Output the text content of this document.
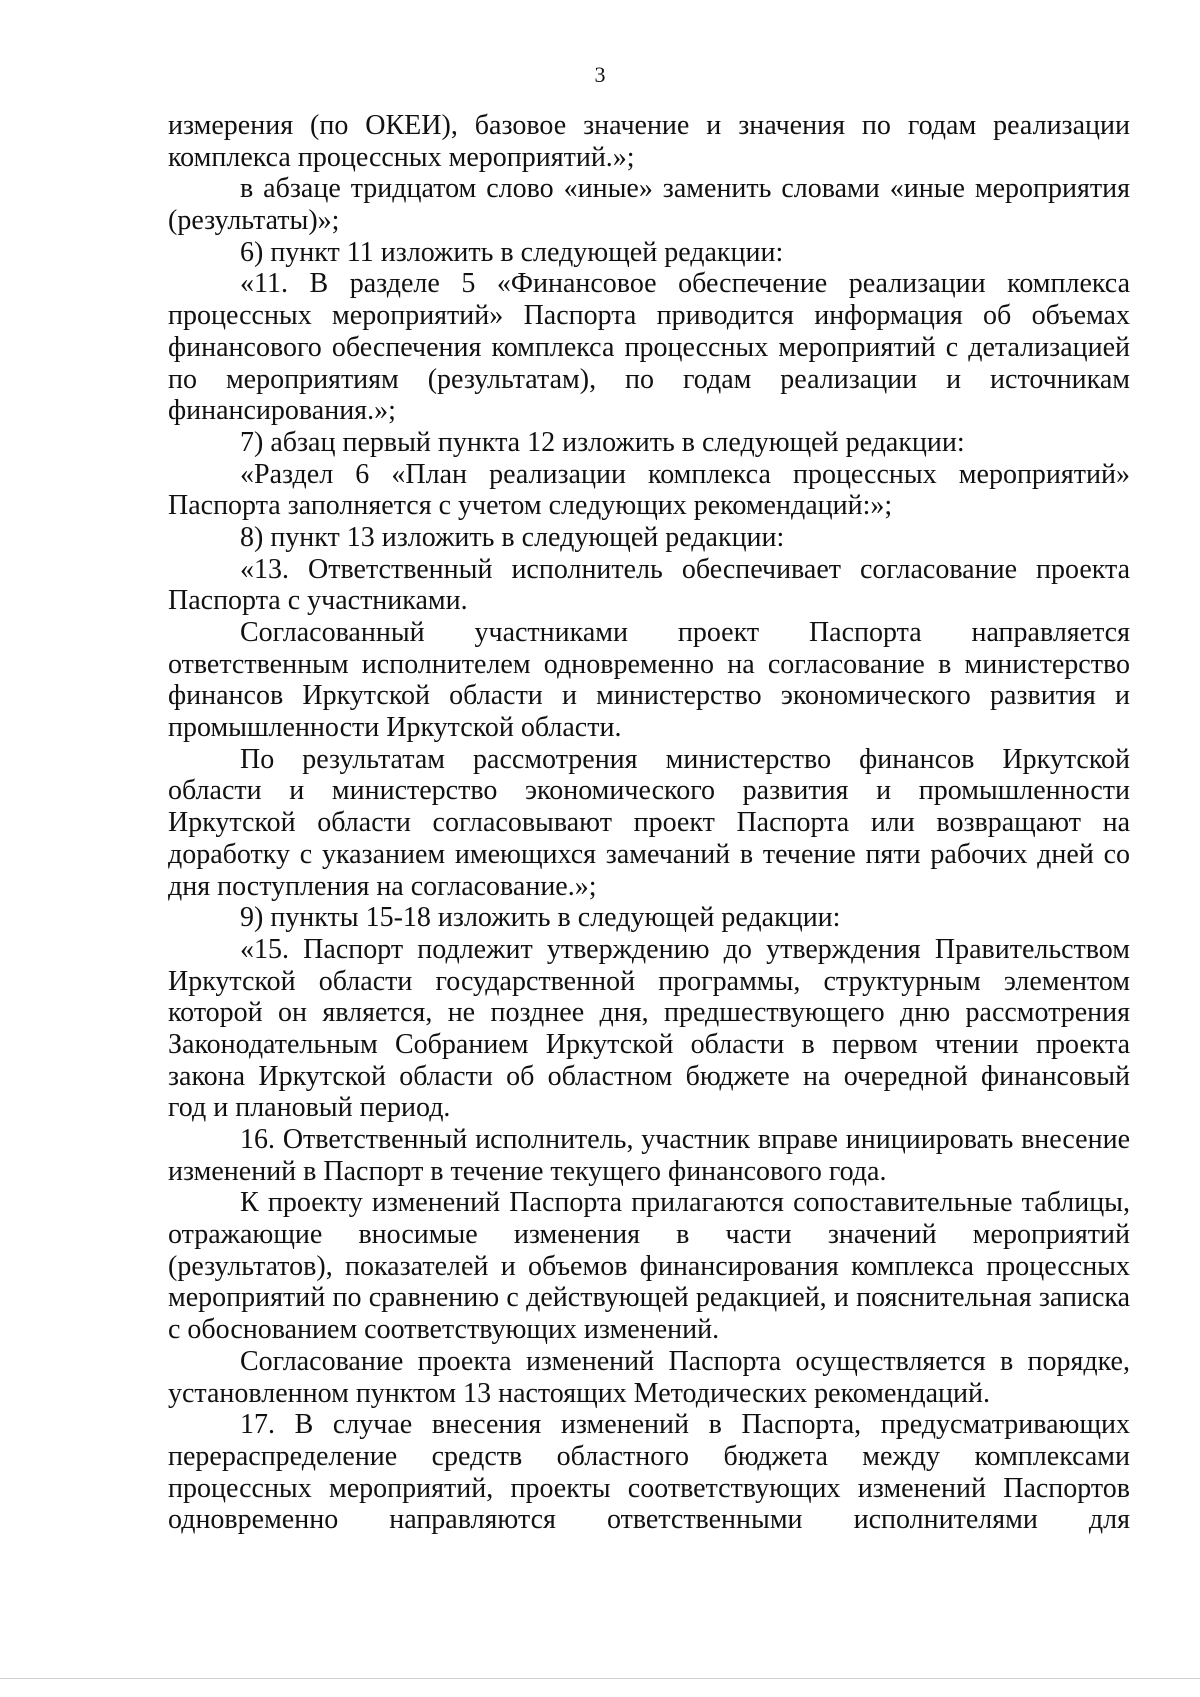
3
измерения (по ОКЕИ), базовое значение и значения по годам реализации
комплекса процессных мероприятий.»;
в абзаце тридцатом слово «иные» заменить словами «иные мероприятия
(результаты)»;
6) пункт 11 изложить в следующей редакции:
«11. В разделе 5 «Финансовое обеспечение реализации комплекса
процессных мероприятий» Паспорта приводится информация об объемах
финансового обеспечения комплекса процессных мероприятий с детализацией
по мероприятиям (результатам), по годам реализации и источникам
финансирования.»;
7) абзац первый пункта 12 изложить в следующей редакции:
«Раздел 6 «План реализации комплекса процессных мероприятий»
Паспорта заполняется с учетом следующих рекомендаций:»;
8) пункт 13 изложить в следующей редакции:
«13. Ответственный исполнитель обеспечивает согласование проекта
Паспорта с участниками.
Согласованный участниками проект Паспорта направляется
ответственным исполнителем одновременно на согласование в министерство
финансов Иркутской области и министерство экономического развития и
промышленности Иркутской области.
По результатам рассмотрения министерство финансов Иркутской
области и министерство экономического развития и промышленности
Иркутской области согласовывают проект Паспорта или возвращают на
доработку с указанием имеющихся замечаний в течение пяти рабочих дней со
дня поступления на согласование.»;
9) пункты 15-18 изложить в следующей редакции:
«15. Паспорт подлежит утверждению до утверждения Правительством
Иркутской области государственной программы, структурным элементом
которой он является, не позднее дня, предшествующего дню рассмотрения
Законодательным Собранием Иркутской области в первом чтении проекта
закона Иркутской области об областном бюджете на очередной финансовый
год и плановый период.
16. Ответственный исполнитель, участник вправе инициировать внесение
изменений в Паспорт в течение текущего финансового года.
К проекту изменений Паспорта прилагаются сопоставительные таблицы,
отражающие вносимые изменения в части значений мероприятий
(результатов), показателей и объемов финансирования комплекса процессных
мероприятий по сравнению с действующей редакцией, и пояснительная записка
с обоснованием соответствующих изменений.
Согласование проекта изменений Паспорта осуществляется в порядке,
установленном пунктом 13 настоящих Методических рекомендаций.
17. В случае внесения изменений в Паспорта, предусматривающих
перераспределение средств областного бюджета между комплексами
процессных мероприятий, проекты соответствующих изменений Паспортов
одновременно направляются ответственными исполнителями для
